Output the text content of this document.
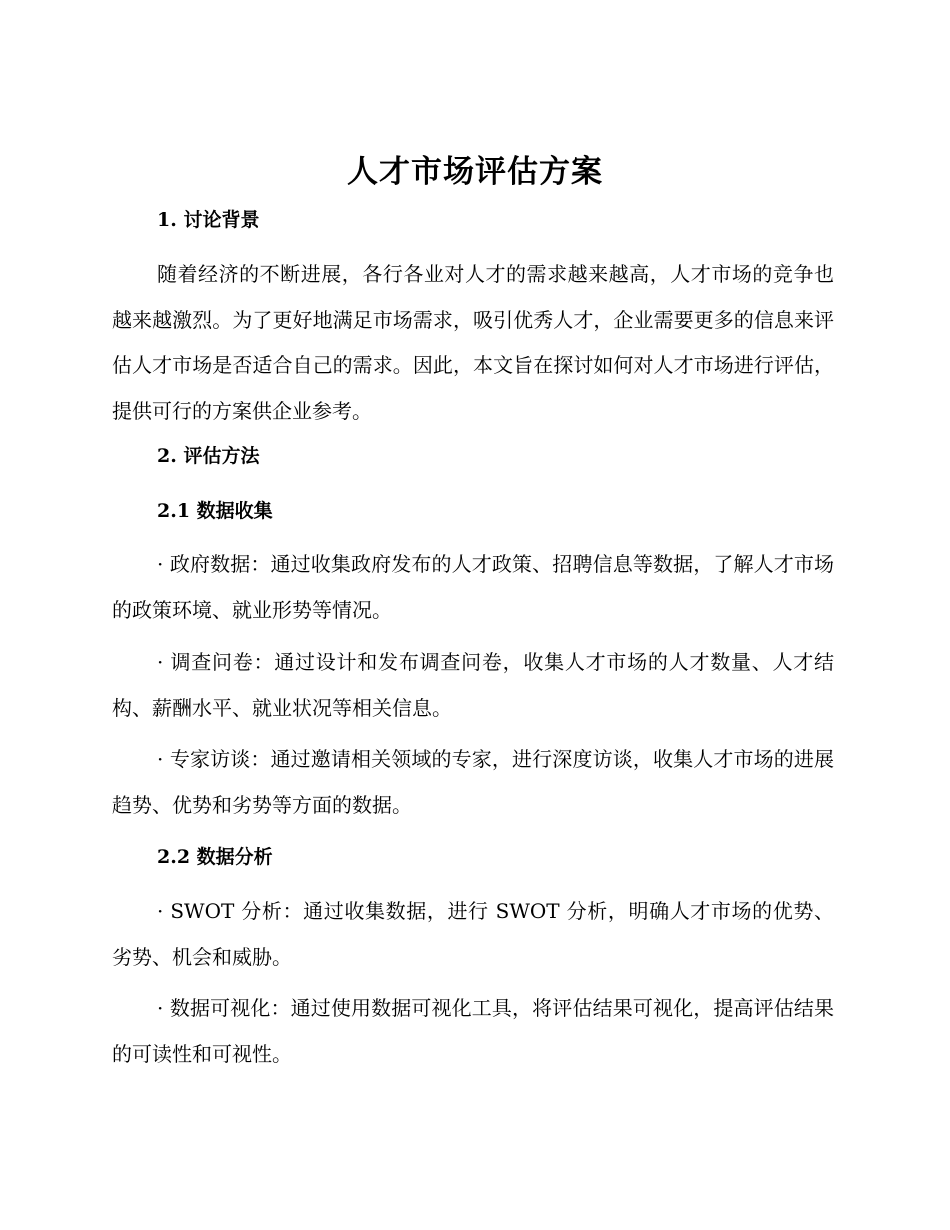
人才市场评估方案
1. 讨论背景

随着经济的不断进展，各行各业对人才的需求越来越高，人才市场的竞争也越来越激烈。为了更好地满足市场需求，吸引优秀人才，企业需要更多的信息来评估人才市场是否适合自己的需求。因此，本文旨在探讨如何对人才市场进行评估，提供可行的方案供企业参考。

2. 评估方法
2.1 数据收集

· 政府数据：通过收集政府发布的人才政策、招聘信息等数据，了解人才市场的政策环境、就业形势等情况。

· 调查问卷：通过设计和发布调查问卷，收集人才市场的人才数量、人才结构、薪酬水平、就业状况等相关信息。

· 专家访谈：通过邀请相关领域的专家，进行深度访谈，收集人才市场的进展趋势、优势和劣势等方面的数据。

2.2 数据分析

· SWOT 分析：通过收集数据，进行 SWOT 分析，明确人才市场的优势、劣势、机会和威胁。

· 数据可视化：通过使用数据可视化工具，将评估结果可视化，提高评估结果的可读性和可视性。
